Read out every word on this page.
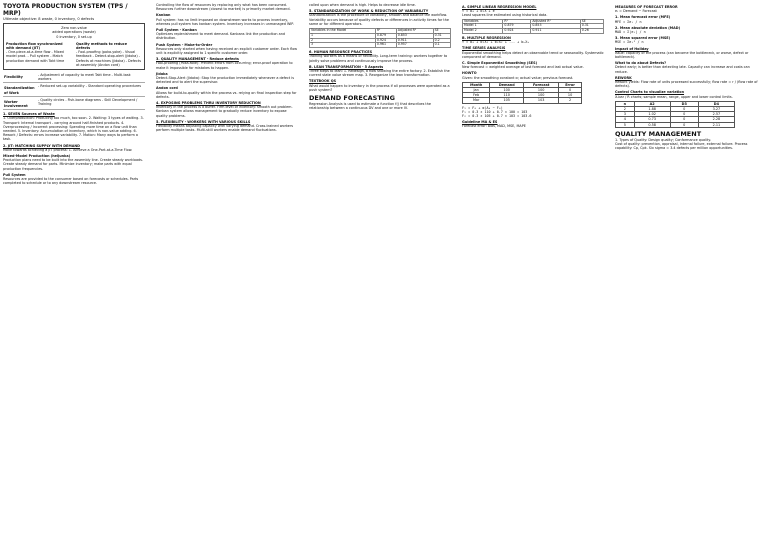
TOYOTA PRODUCTION SYSTEM (TPS / MRP)
Ultimate objective: 8 waste, 0 inventory, 0 defects
Zero non-value
added operations (waste)
0 inventory, 0 set-up
Production flow synchronized with demand (JIT)
- One-piece-at-a-time flow - Mixed model prod. - Pull system - Match production demand with Takt time
Quality methods to reduce defects
- Fool-proofing (poka-yoke) - Visual feedback - Detect-stop-alert (jidoka) - Defects at machines (jidoka) - Defects at assembly (Andon cord)
Flexibility	- Adjustment of capacity to meet Takt time - Multi-task workers
Standardization of Work
- Reduced set-up variability - Standard operating procedures
Worker Involvement
- Quality circles - Fish-bone diagrams - Skill Development / Training
1. SEVEN Sources of Waste

1. Overproduction: Producing too much, too soon. 2. Waiting: 3 types of waiting. 3. Transport: Internal transport - carrying around half-finished products. 4. Overprocessing / Incorrect processing: Spending more time on a flow unit than needed. 5. Inventory: Accumulation of inventory, which is non-value adding. 6. Rework / Defects: errors increase variability. 7. Motion: Many ways to perform a task.

2. JIT: MATCHING SUPPLY WITH DEMAND

Move towards achieving a JIT process: 1. Achieve a One-Part-at-a-Time Flow.

Mixed-Model Production (heijunka)

Production plans need to be built into the assembly line. Create steady workloads. Create steady demand for parts. Minimize inventory; make parts with equal production frequencies.

Pull System

Resources are provided to the consumer based on forecasts or schedules. Parts completed to schedule or to any downstream resource.

Controlling the flow of resources by replacing only what has been consumed. Resources further downstream (closest to market) is primarily market demand.

Kanban

Pull system: has no limit imposed on downstream works to process inventory, whereas pull system has kanban system. Inventory increases in unmanaged WIP.

Pull System - Kanban

Optimizes replenishment to meet demand. Kanbans link the production and distribution.

Push System - Make-to-Order

Resources only started when having received an explicit customer order. Each flow unit is explicitly assigned to 1 specific customer order.

3. QUALITY MANAGEMENT - Reduce defects

Fool-proofing (Poka-Yoke): Prevent errors from occurring; error-proof operation to make it impossible for mistakes to happen.

Jidoka

Detect-Stop-Alert (Jidoka): Stop the production immediately whenever a defect is detected and to alert the supervisor.

Andon cord

Allows for build-to-quality within the process vs. relying on final inspection step for defects.

4. EXPOSING PROBLEMS THRU INVENTORY REDUCTION

Inventory in the process is a buffer. Firm level of inventory: smooth out problem. Kanban system allows management to gradually reduce inventory to expose quality problems.

5. FLEXIBILITY - WORKERS WITH VARIOUS SKILLS

Flexibility means adjusting capacity with varying demand. Cross-trained workers perform multiple tasks. Multi-skill workers enable demand fluctuations.

called upon when demand is high. Helps to decrease idle time.

5. STANDARDIZATION OF WORK & REDUCTION OF VARIABILITY

Standardization is the procedure of variability, smooth and balance the workflow. Variability occurs because of quality defects or differences in activity times for the same or for different operators.

Variables in the Model	R²	Adjusted R²	SE
1	0.879	0.853	0.31
2	0.924	0.911	0.2
3	0.961	0.957	0.1
6. HUMAN RESOURCE PRACTICES

Training workers as a means of flexibility. Long-term training: workers together to jointly solve problems and continuously improve the process.

B. LEAN TRANSFORMATION - 5 Aspects

Three steps to lean: 1. Redesign, a flow showing the entire factory. 2. Establish the current state value stream map. 3. Reorganize the lean transformation.

TEXTBOOK QS

What would happen to inventory in the process if all processes were operated as a push system?

DEMAND FORECASTING

Regression Analysis is used to estimate a function f() that describes the relationship between a continuous DV and one or more IV.

A. SIMPLE LINEAR REGRESSION MODEL
Y = b₀ + b₁X + e

Least squares line estimated using historical data.

Variables	R²	Adjusted R²	SE
Model 1	0.879	0.853	0.31
Model 2	0.924	0.911	0.26
B. MULTIPLE REGRESSION
Y = b₀ + b₁X₁ + b₂X₂ + ... + bₖXₖ
TIME SERIES ANALYSIS

Exponential smoothing helps detect an observable trend or seasonality. Systematic component of demand.

C. Simple Exponential Smoothing (SES)

New forecast = weighted average of last forecast and last actual value.

HOWTO

Given: the smoothing constant α; actual value; previous forecast.

Month	Demand	Forecast	Error
Jan	100	100	0
Feb	110	100	10
Mar	105	103	2
F₁ = F₀ + α(A₀ − F₀)
F₁ = 0.3 × 110 + 0.7 × 100 = 103
F₂ = 0.3 × 105 + 0.7 × 103 = 103.6
Guideline MA & ES

Forecast error: Bias, MAD, MSE, MAPE

MEASURES OF FORECAST ERROR

eₜ = Demand − Forecast

1. Mean forecast error (MFE)
MFE = Σeₜ / n
2. Mean absolute deviation (MAD)
MAD = Σ|eₜ| / n
3. Mean squared error (MSE)
MSE = Σeₜ² / n
Impact of Holiday

Issue: capacity of the process (can become the bottleneck, or worse, defect or bottleneck).

What to do about Defects?

Detect early; is better than detecting late. Capacity can increase and costs can reduce.

REWORK

Rework yields: Flow rate of units processed successfully; flow rate = r / (flow rate of defects).

Control Charts to visualize variation

X-bar / R charts; sample mean, range, upper and lower control limits.

n	A2	D3	D4
2	1.88	0	3.27
3	1.02	0	2.57
4	0.73	0	2.28
5	0.58	0	2.11
QUALITY MANAGEMENT

1. Types of Quality: Design quality; Conformance quality.

Cost of quality: prevention, appraisal, internal failure, external failure. Process capability: Cp, Cpk. Six sigma = 3.4 defects per million opportunities.
